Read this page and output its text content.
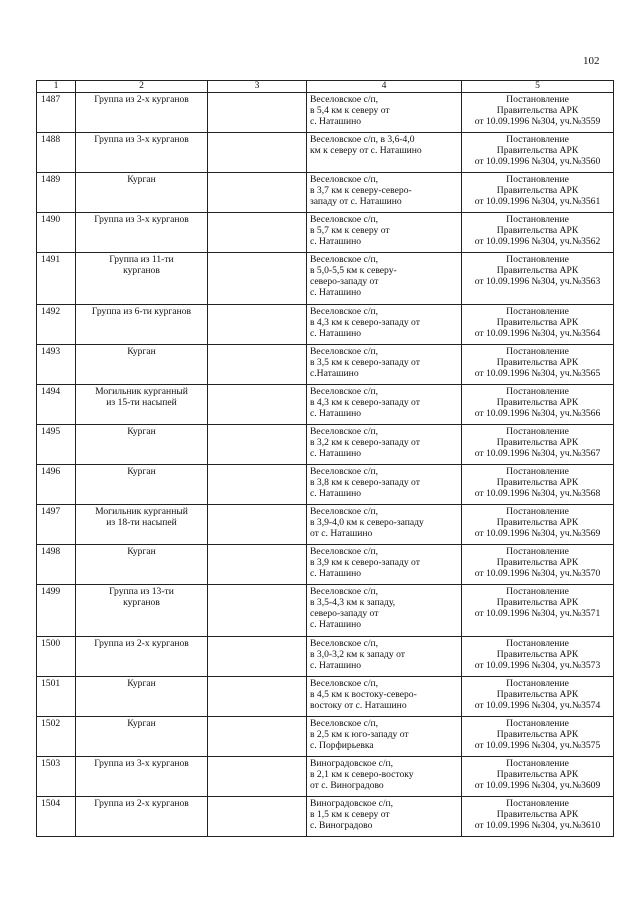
102
1	2	3	4	5
1487	Группа из 2-х курганов		Веселовское с/п,
в 5,4 км к северу от
с. Наташино	Постановление
Правительства АРК
от 10.09.1996 №304, уч.№3559

1488	Группа из 3-х курганов		Веселовское с/п, в 3,6-4,0
км к северу от с. Наташино	Постановление
Правительства АРК
от 10.09.1996 №304, уч.№3560

1489	Курган		Веселовское с/п,
в 3,7 км к северу-северо-
западу от с. Наташино	Постановление
Правительства АРК
от 10.09.1996 №304, уч.№3561

1490	Группа из 3-х курганов		Веселовское с/п,
в 5,7 км к северу от
с. Наташино	Постановление
Правительства АРК
от 10.09.1996 №304, уч.№3562

1491	Группа из 11-ти
курганов		Веселовское с/п,
в 5,0-5,5 км к северу-
северо-западу от
с. Наташино	Постановление
Правительства АРК
от 10.09.1996 №304, уч.№3563

1492	Группа из 6-ти курганов		Веселовское с/п,
в 4,3 км к северо-западу от
с. Наташино	Постановление
Правительства АРК
от 10.09.1996 №304, уч.№3564

1493	Курган		Веселовское с/п,
в 3,5 км к северо-западу от
с.Наташино	Постановление
Правительства АРК
от 10.09.1996 №304, уч.№3565

1494	Могильник курганный
из 15-ти насыпей		Веселовское с/п,
в 4,3 км к северо-западу от
с. Наташино	Постановление
Правительства АРК
от 10.09.1996 №304, уч.№3566

1495	Курган		Веселовское с/п,
в 3,2 км к северо-западу от
с. Наташино	Постановление
Правительства АРК
от 10.09.1996 №304, уч.№3567

1496	Курган		Веселовское с/п,
в 3,8 км к северо-западу от
с. Наташино	Постановление
Правительства АРК
от 10.09.1996 №304, уч.№3568

1497	Могильник курганный
из 18-ти насыпей		Веселовское с/п,
в 3,9-4,0 км к северо-западу
от с. Наташино	Постановление
Правительства АРК
от 10.09.1996 №304, уч.№3569

1498	Курган		Веселовское с/п,
в 3,9 км к северо-западу от
с. Наташино	Постановление
Правительства АРК
от 10.09.1996 №304, уч.№3570

1499	Группа из 13-ти
курганов		Веселовское с/п,
в 3,5-4,3 км к западу,
северо-западу от
с. Наташино	Постановление
Правительства АРК
от 10.09.1996 №304, уч.№3571

1500	Группа из 2-х курганов		Веселовское с/п,
в 3,0-3,2 км к западу от
с. Наташино	Постановление
Правительства АРК
от 10.09.1996 №304, уч.№3573

1501	Курган		Веселовское с/п,
в 4,5 км к востоку-северо-
востоку от с. Наташино	Постановление
Правительства АРК
от 10.09.1996 №304, уч.№3574

1502	Курган		Веселовское с/п,
в 2,5 км к юго-западу от
с. Порфирьевка	Постановление
Правительства АРК
от 10.09.1996 №304, уч.№3575

1503	Группа из 3-х курганов		Виноградовское с/п,
в 2,1 км к северо-востоку
от с. Виноградово	Постановление
Правительства АРК
от 10.09.1996 №304, уч.№3609

1504	Группа из 2-х курганов		Виноградовское с/п,
в 1,5 км к северу от
с. Виноградово	Постановление
Правительства АРК
от 10.09.1996 №304, уч.№3610
